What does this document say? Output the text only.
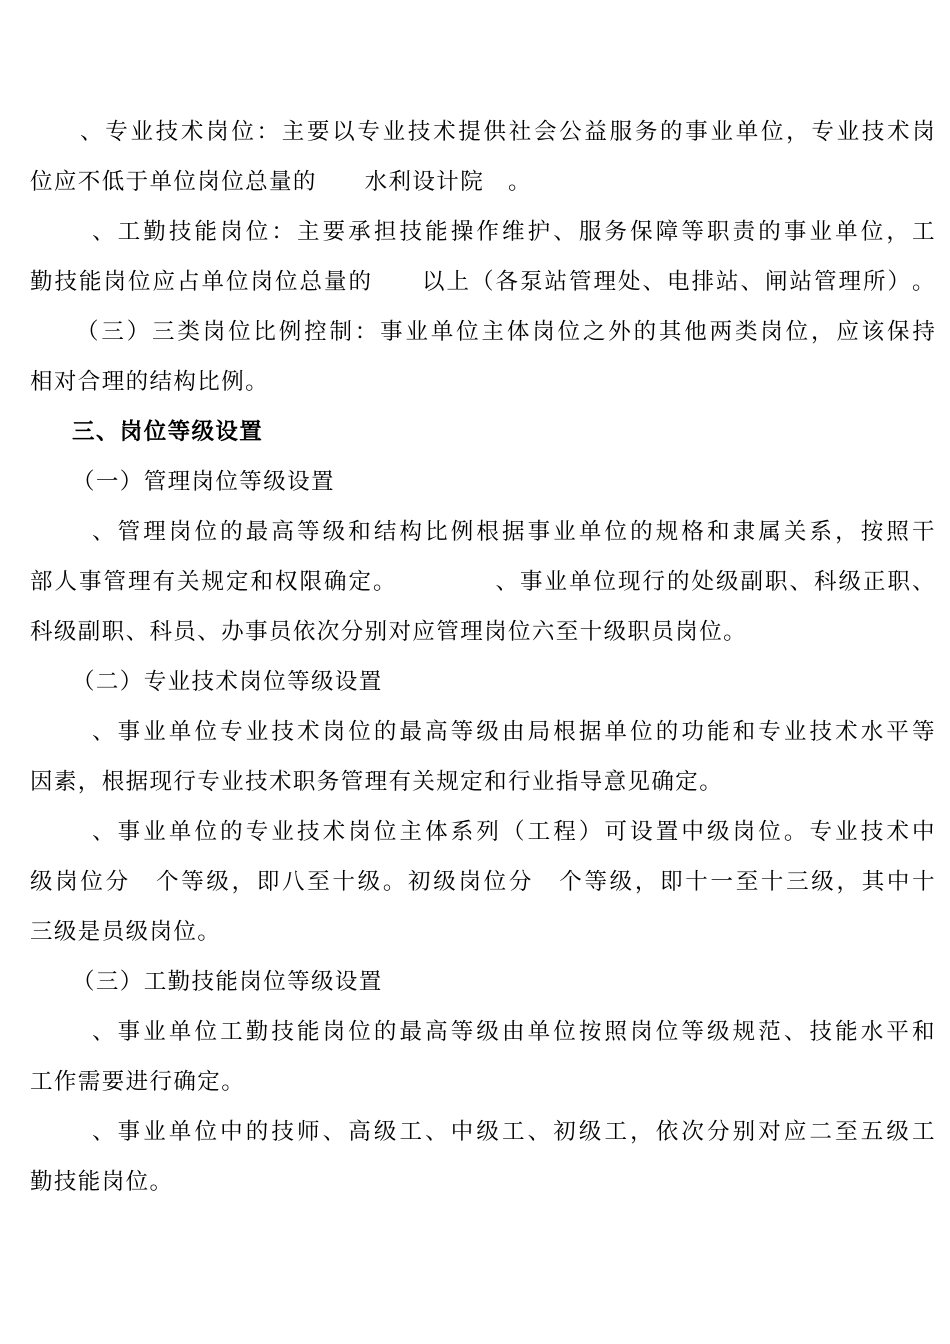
、 专 业 技 术 岗 位 ： 主 要 以 专 业 技 术 提 供 社 会 公 益 服 务 的 事 业 单 位 ， 专 业 技 术 岗
位应不低于单位岗位总量的　　水利设计院　。
、 工 勤 技 能 岗 位 ： 主 要 承 担 技 能 操 作 维 护 、 服 务 保 障 等 职 责 的 事 业 单 位 ， 工
勤 技 能 岗 位 应 占 单 位 岗 位 总 量 的

　 以 上 （ 各 泵 站 管 理 处 、 电 排 站 、 闸 站 管 理 所 ） 。
（ 三 ） 三 类 岗 位 比 例 控 制 ： 事 业 单 位 主 体 岗 位 之 外 的 其 他 两 类 岗 位 ， 应 该 保 持
相对合理的结构比例。
三、岗位等级设置
（一）管理岗位等级设置
、 管 理 岗 位 的 最 高 等 级 和 结 构 比 例 根 据 事 业 单 位 的 规 格 和 隶 属 关 系 ， 按 照 干
部 人 事 管 理 有 关 规 定 和 权 限 确 定 。

　	、 事 业 单 位 现 行 的 处 级 副 职 、 科 级 正 职 、
科级副职、科员、办事员依次分别对应管理岗位六至十级职员岗位。
（二）专业技术岗位等级设置
、 事 业 单 位 专 业 技 术 岗 位 的 最 高 等 级 由 局 根 据 单 位 的 功 能 和 专 业 技 术 水 平 等
因素，根据现行专业技术职务管理有关规定和行业指导意见确定。
、 事 业 单 位 的 专 业 技 术 岗 位 主 体 系 列 （ 工 程 ） 可 设 置 中 级 岗 位 。 专 业 技 术 中
级 岗 位 分
　 个 等 级 ， 即 八 至 十 级 。 初 级 岗 位 分
　 个 等 级 ， 即 十 一 至 十 三 级 ， 其 中 十
三级是员级岗位。
（三）工勤技能岗位等级设置
、 事 业 单 位 工 勤 技 能 岗 位 的 最 高 等 级 由 单 位 按 照 岗 位 等 级 规 范 、 技 能 水 平 和
工作需要进行确定。
、 事 业 单 位 中 的 技 师 、 高 级 工 、 中 级 工 、 初 级 工 ， 依 次 分 别 对 应 二 至 五 级 工
勤技能岗位。
